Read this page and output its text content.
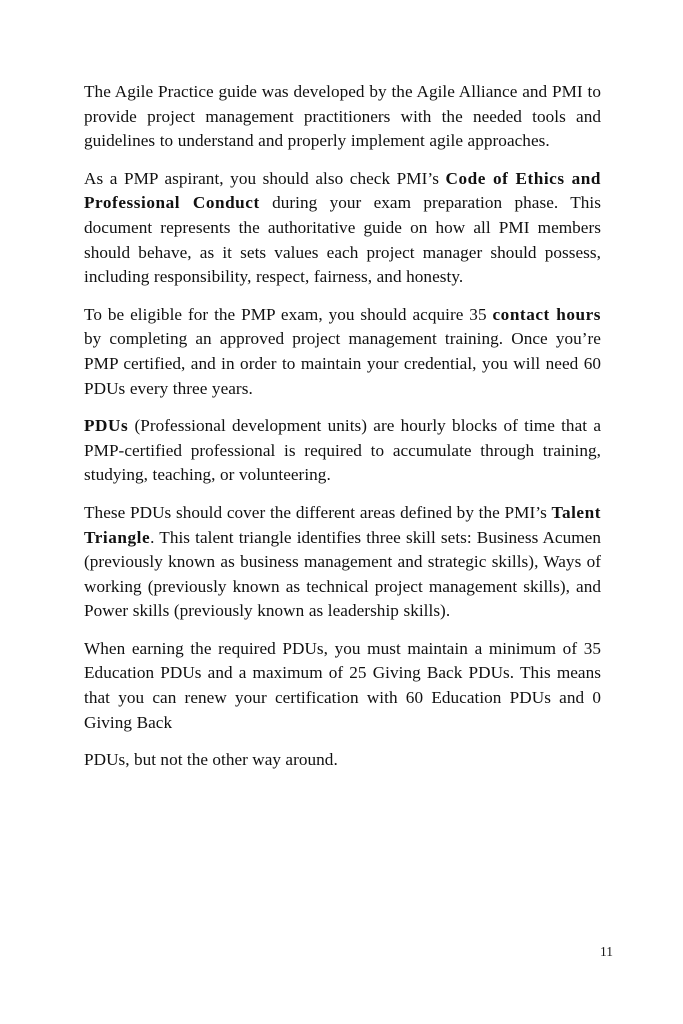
The Agile Practice guide was developed by the Agile Alliance and PMI to provide project management practitioners with the needed tools and guidelines to understand and properly implement agile approaches.

As a PMP aspirant, you should also check PMI’s Code of Ethics and Professional Conduct during your exam preparation phase. This document represents the authoritative guide on how all PMI members should behave, as it sets values each project manager should possess, including responsibility, respect, fairness, and honesty.

To be eligible for the PMP exam, you should acquire 35 contact hours by completing an approved project management training. Once you’re PMP certified, and in order to maintain your credential, you will need 60 PDUs every three years.

PDUs (Professional development units) are hourly blocks of time that a PMP-certified professional is required to accumulate through training, studying, teaching, or volunteering.

These PDUs should cover the different areas defined by the PMI’s Talent Triangle. This talent triangle identifies three skill sets: Business Acumen (previously known as business management and strategic skills), Ways of working (previously known as technical project management skills), and Power skills (previously known as leadership skills).

When earning the required PDUs, you must maintain a minimum of 35 Education PDUs and a maximum of 25 Giving Back PDUs. This means that you can renew your certification with 60 Education PDUs and 0 Giving Back

PDUs, but not the other way around.

11
